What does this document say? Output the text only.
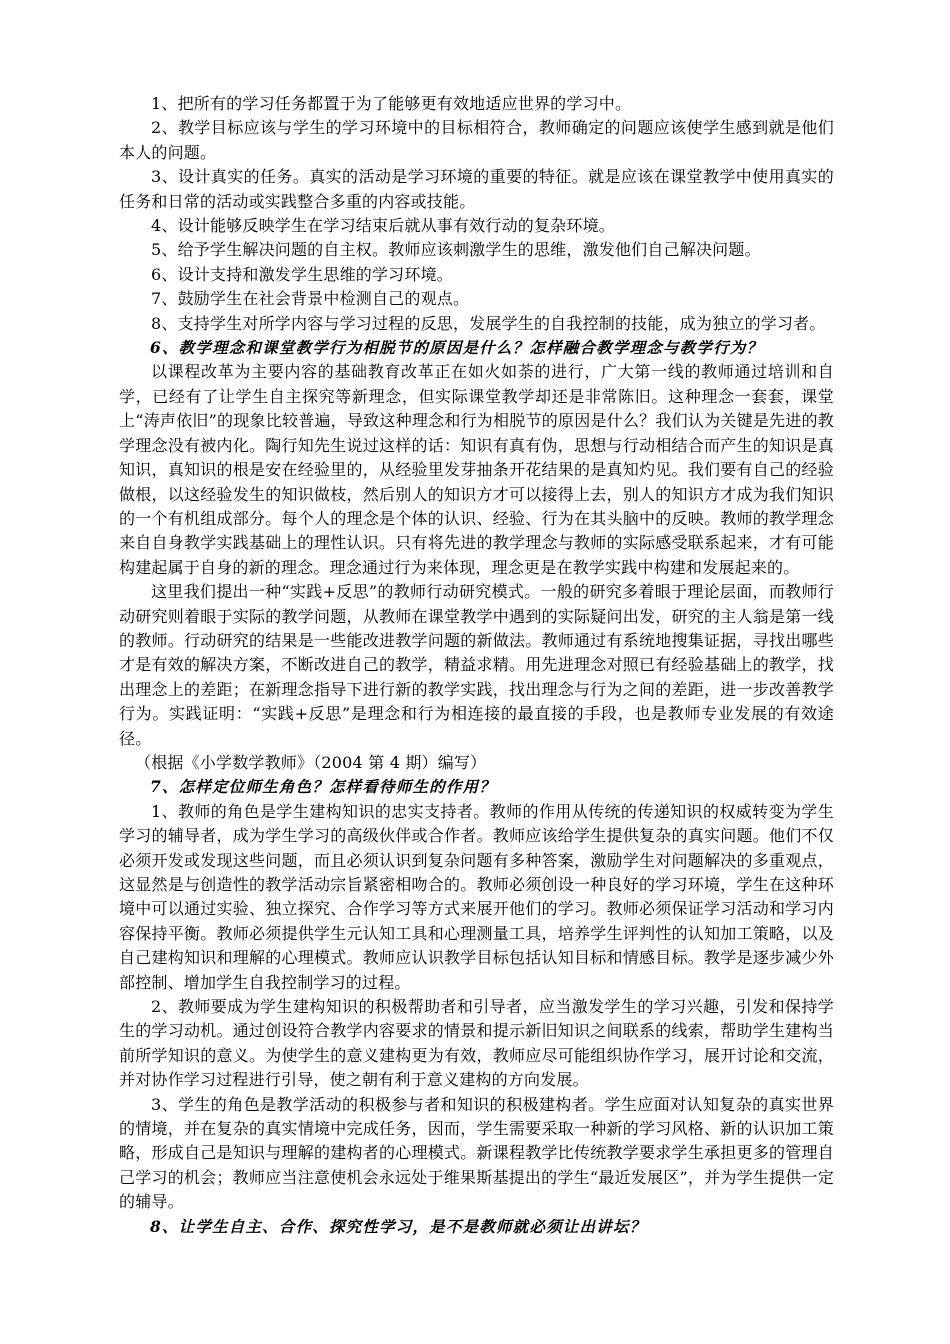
1、把所有的学习任务都置于为了能够更有效地适应世界的学习中。

2、教学目标应该与学生的学习环境中的目标相符合，教师确定的问题应该使学生感到就是他们本人的问题。

3、设计真实的任务。真实的活动是学习环境的重要的特征。就是应该在课堂教学中使用真实的任务和日常的活动或实践整合多重的内容或技能。

4、设计能够反映学生在学习结束后就从事有效行动的复杂环境。

5、给予学生解决问题的自主权。教师应该刺激学生的思维，激发他们自己解决问题。

6、设计支持和激发学生思维的学习环境。

7、鼓励学生在社会背景中检测自己的观点。

8、支持学生对所学内容与学习过程的反思，发展学生的自我控制的技能，成为独立的学习者。

6、教学理念和课堂教学行为相脱节的原因是什么？怎样融合教学理念与教学行为？

以课程改革为主要内容的基础教育改革正在如火如荼的进行，广大第一线的教师通过培训和自学，已经有了让学生自主探究等新理念，但实际课堂教学却还是非常陈旧。这种理念一套套，课堂上“涛声依旧”的现象比较普遍，导致这种理念和行为相脱节的原因是什么？我们认为关键是先进的教学理念没有被内化。陶行知先生说过这样的话：知识有真有伪，思想与行动相结合而产生的知识是真知识，真知识的根是安在经验里的，从经验里发芽抽条开花结果的是真知灼见。我们要有自己的经验做根，以这经验发生的知识做枝，然后别人的知识方才可以接得上去，别人的知识方才成为我们知识的一个有机组成部分。每个人的理念是个体的认识、经验、行为在其头脑中的反映。教师的教学理念来自自身教学实践基础上的理性认识。只有将先进的教学理念与教师的实际感受联系起来，才有可能构建起属于自身的新的理念。理念通过行为来体现，理念更是在教学实践中构建和发展起来的。

这里我们提出一种“实践+反思”的教师行动研究模式。一般的研究多着眼于理论层面，而教师行动研究则着眼于实际的教学问题，从教师在课堂教学中遇到的实际疑问出发，研究的主人翁是第一线的教师。行动研究的结果是一些能改进教学问题的新做法。教师通过有系统地搜集证据，寻找出哪些才是有效的解决方案，不断改进自己的教学，精益求精。用先进理念对照已有经验基础上的教学，找出理念上的差距；在新理念指导下进行新的教学实践，找出理念与行为之间的差距，进一步改善教学行为。实践证明：“实践+反思”是理念和行为相连接的最直接的手段，也是教师专业发展的有效途径。

（根据《小学数学教师》（2004 第 4 期）编写）

7、怎样定位师生角色？怎样看待师生的作用？

1、教师的角色是学生建构知识的忠实支持者。教师的作用从传统的传递知识的权威转变为学生学习的辅导者，成为学生学习的高级伙伴或合作者。教师应该给学生提供复杂的真实问题。他们不仅必须开发或发现这些问题，而且必须认识到复杂问题有多种答案，激励学生对问题解决的多重观点，这显然是与创造性的教学活动宗旨紧密相吻合的。教师必须创设一种良好的学习环境，学生在这种环境中可以通过实验、独立探究、合作学习等方式来展开他们的学习。教师必须保证学习活动和学习内容保持平衡。教师必须提供学生元认知工具和心理测量工具，培养学生评判性的认知加工策略，以及自己建构知识和理解的心理模式。教师应认识教学目标包括认知目标和情感目标。教学是逐步减少外部控制、增加学生自我控制学习的过程。

2、教师要成为学生建构知识的积极帮助者和引导者，应当激发学生的学习兴趣，引发和保持学生的学习动机。通过创设符合教学内容要求的情景和提示新旧知识之间联系的线索，帮助学生建构当前所学知识的意义。为使学生的意义建构更为有效，教师应尽可能组织协作学习，展开讨论和交流，并对协作学习过程进行引导，使之朝有利于意义建构的方向发展。

3、学生的角色是教学活动的积极参与者和知识的积极建构者。学生应面对认知复杂的真实世界的情境，并在复杂的真实情境中完成任务，因而，学生需要采取一种新的学习风格、新的认识加工策略，形成自己是知识与理解的建构者的心理模式。新课程教学比传统教学要求学生承担更多的管理自己学习的机会；教师应当注意使机会永远处于维果斯基提出的学生“最近发展区”，并为学生提供一定的辅导。

8、让学生自主、合作、探究性学习，是不是教师就必须让出讲坛？
